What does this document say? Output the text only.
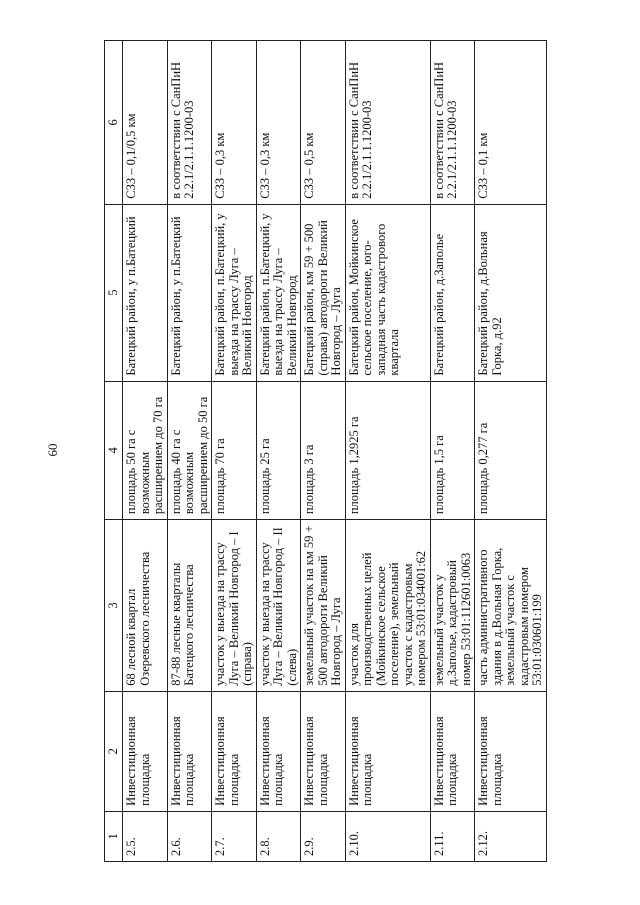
60
1	2	3	4	5	6
2.5.	Инвестиционная площадка	68 лесной квартал Озеревского лесничества	площадь 50 га с возможным расширением до 70 га	Батецкий район, у п.Батецкий	СЗЗ – 0,1/0,5 км
2.6.	Инвестиционная площадка	87-88 лесные кварталы Батецкого лесничества	площадь 40 га с возможным расширением до 50 га	Батецкий район, у п.Батецкий	в соответствии с СанПиН 2.2.1/2.1.1.1200-03
2.7.	Инвестиционная площадка	участок у выезда на трассу Луга – Великий Новгород – I (справа)	площадь 70 га	Батецкий район, п.Батецкий, у выезда на трассу Луга – Великий Новгород	СЗЗ – 0,3 км
2.8.	Инвестиционная площадка	участок у выезда на трассу Луга – Великий Новгород – II (слева)	площадь 25 га	Батецкий район, п.Батецкий, у выезда на трассу Луга – Великий Новгород	СЗЗ – 0,3 км
2.9.	Инвестиционная площадка	земельный участок на км 59 + 500 автодороги Великий Новгород – Луга	площадь 3 га	Батецкий район, км 59 + 500 (справа) автодороги Великий Новгород – Луга	СЗЗ – 0,5 км
2.10.	Инвестиционная площадка	участок для производственных целей (Мойкинское сельское поселение), земельный участок с кадастровым номером 53:01:034001:62	площадь 1,2925 га	Батецкий район, Мойкинское сельское поселение, юго-западная часть кадастрового квартала	в соответствии с СанПиН 2.2.1/2.1.1.1200-03
2.11.	Инвестиционная площадка	земельный участок у д.Заполье, кадастровый номер 53:01:112601:0063	площадь 1,5 га	Батецкий район, д.Заполье	в соответствии с СанПиН 2.2.1/2.1.1.1200-03
2.12.	Инвестиционная площадка	часть административного здания в д.Вольная Горка, земельный участок с кадастровым номером 53:01:030601:199	площадь 0,277 га	Батецкий район, д.Вольная Горка, д.92	СЗЗ – 0,1 км
